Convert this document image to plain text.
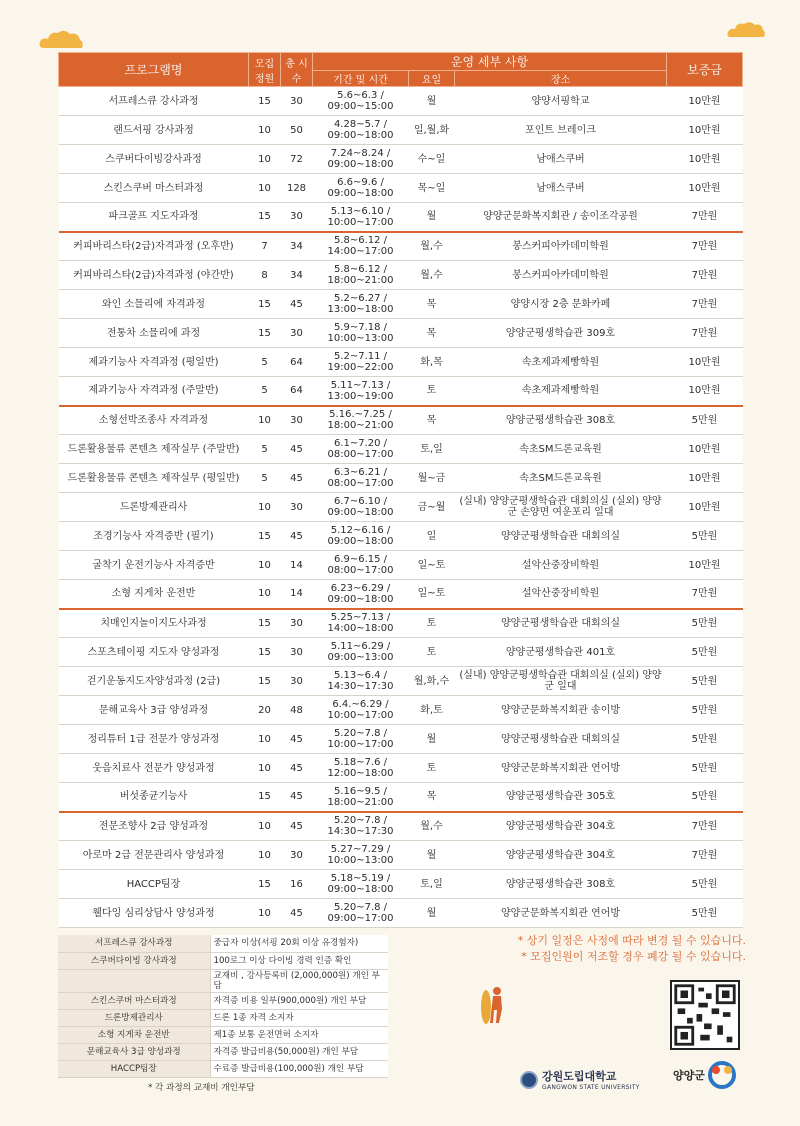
프로그램명	모집 정원	총 시수	운영 세부 사항			보증금
			기간 및 시간	요일	장소	
서프레스큐 강사과정	15	30	5.6~6.3 / 09:00~15:00	월	양양서핑학교	10만원
랜드서핑 강사과정	10	50	4.28~5.7 / 09:00~18:00	일,월,화	포인트 브레이크	10만원
스쿠버다이빙강사과정	10	72	7.24~8.24 / 09:00~18:00	수~일	남애스쿠버	10만원
스킨스쿠버 마스터과정	10	128	6.6~9.6 / 09:00~18:00	목~일	남애스쿠버	10만원
파크골프 지도자과정	15	30	5.13~6.10 / 10:00~17:00	월	양양군문화복지회관 / 송이조각공원	7만원
커피바리스타(2급)자격과정 (오후반)	7	34	5.8~6.12 / 14:00~17:00	월,수	봉스커피아카데미학원	7만원
커피바리스타(2급)자격과정 (야간반)	8	34	5.8~6.12 / 18:00~21:00	월,수	봉스커피아카데미학원	7만원
와인 소믈리에 자격과정	15	45	5.2~6.27 / 13:00~18:00	목	양양시장 2층 문화카페	7만원
전통차 소믈리에 과정	15	30	5.9~7.18 / 10:00~13:00	목	양양군평생학습관 309호	7만원
제과기능사 자격과정 (평일반)	5	64	5.2~7.11 / 19:00~22:00	화,목	속초제과제빵학원	10만원
제과기능사 자격과정 (주말반)	5	64	5.11~7.13 / 13:00~19:00	토	속초제과제빵학원	10만원
소형선박조종사 자격과정	10	30	5.16.~7.25 / 18:00~21:00	목	양양군평생학습관 308호	5만원
드론활용물류 콘텐츠 제작실무 (주말반)	5	45	6.1~7.20 / 08:00~17:00	토,일	속초SM드론교육원	10만원
드론활용물류 콘텐츠 제작실무 (평일반)	5	45	6.3~6.21 / 08:00~17:00	월~금	속초SM드론교육원	10만원
드론방제관리사	10	30	6.7~6.10 / 09:00~18:00	금~월	(실내) 양양군평생학습관 대회의실 (실외) 양양군 손양면 여운포리 일대	10만원
조경기능사 자격증반 (필기)	15	45	5.12~6.16 / 09:00~18:00	일	양양군평생학습관 대회의실	5만원
굴착기 운전기능사 자격증반	10	14	6.9~6.15 / 08:00~17:00	일~토	설악산중장비학원	10만원
소형 지게차 운전반	10	14	6.23~6.29 / 09:00~18:00	일~토	설악산중장비학원	7만원
치매인지놀이지도사과정	15	30	5.25~7.13 / 14:00~18:00	토	양양군평생학습관 대회의실	5만원
스포츠테이핑 지도자 양성과정	15	30	5.11~6.29 / 09:00~13:00	토	양양군평생학습관 401호	5만원
걷기운동지도자양성과정 (2급)	15	30	5.13~6.4 / 14:30~17:30	월,화,수	(실내) 양양군평생학습관 대회의실 (실외) 양양군 일대	5만원
문해교육사 3급 양성과정	20	48	6.4.~6.29 / 10:00~17:00	화,토	양양군문화복지회관 송이방	5만원
정리튜터 1급 전문가 양성과정	10	45	5.20~7.8 / 10:00~17:00	월	양양군평생학습관 대회의실	5만원
웃음치료사 전문가 양성과정	10	45	5.18~7.6 / 12:00~18:00	토	양양군문화복지회관 연어방	5만원
버섯종균기능사	15	45	5.16~9.5 / 18:00~21:00	목	양양군평생학습관 305호	5만원
전문조향사 2급 양성과정	10	45	5.20~7.8 / 14:30~17:30	월,수	양양군평생학습관 304호	7만원
아로마 2급 전문관리사 양성과정	10	30	5.27~7.29 / 10:00~13:00	월	양양군평생학습관 304호	7만원
HACCP팀장	15	16	5.18~5.19 / 09:00~18:00	토,일	양양군평생학습관 308호	5만원
웰다잉 심리상담사 양성과정	10	45	5.20~7.8 / 09:00~17:00	월	양양군문화복지회관 연어방	5만원
서프레스큐 강사과정	중급자 이상(서핑 20회 이상 유경험자)
스쿠버다이빙 강사과정	100로그 이상 다이빙 경력 인증 확인
	교재비 , 강사등록비 (2,000,000원) 개인 부담
스킨스쿠버 마스터과정	자격증 비용 일부(900,000원) 개인 부담
드론방제관리사	드론 1종 자격 소지자
소형 지게차 운전반	제1종 보통 운전면허 소지자
문해교육사 3급 양성과정	자격증 발급비용(50,000원) 개인 부담
HACCP팀장	수료증 발급비용(100,000원) 개인 부담
* 각 과정의 교재비 개인부담
* 상기 일정은 사정에 따라 변경 될 수 있습니다.
* 모집인원이 저조할 경우 폐강 될 수 있습니다.
강원도립대학교
GANGWON STATE UNIVERSITY
양양군
